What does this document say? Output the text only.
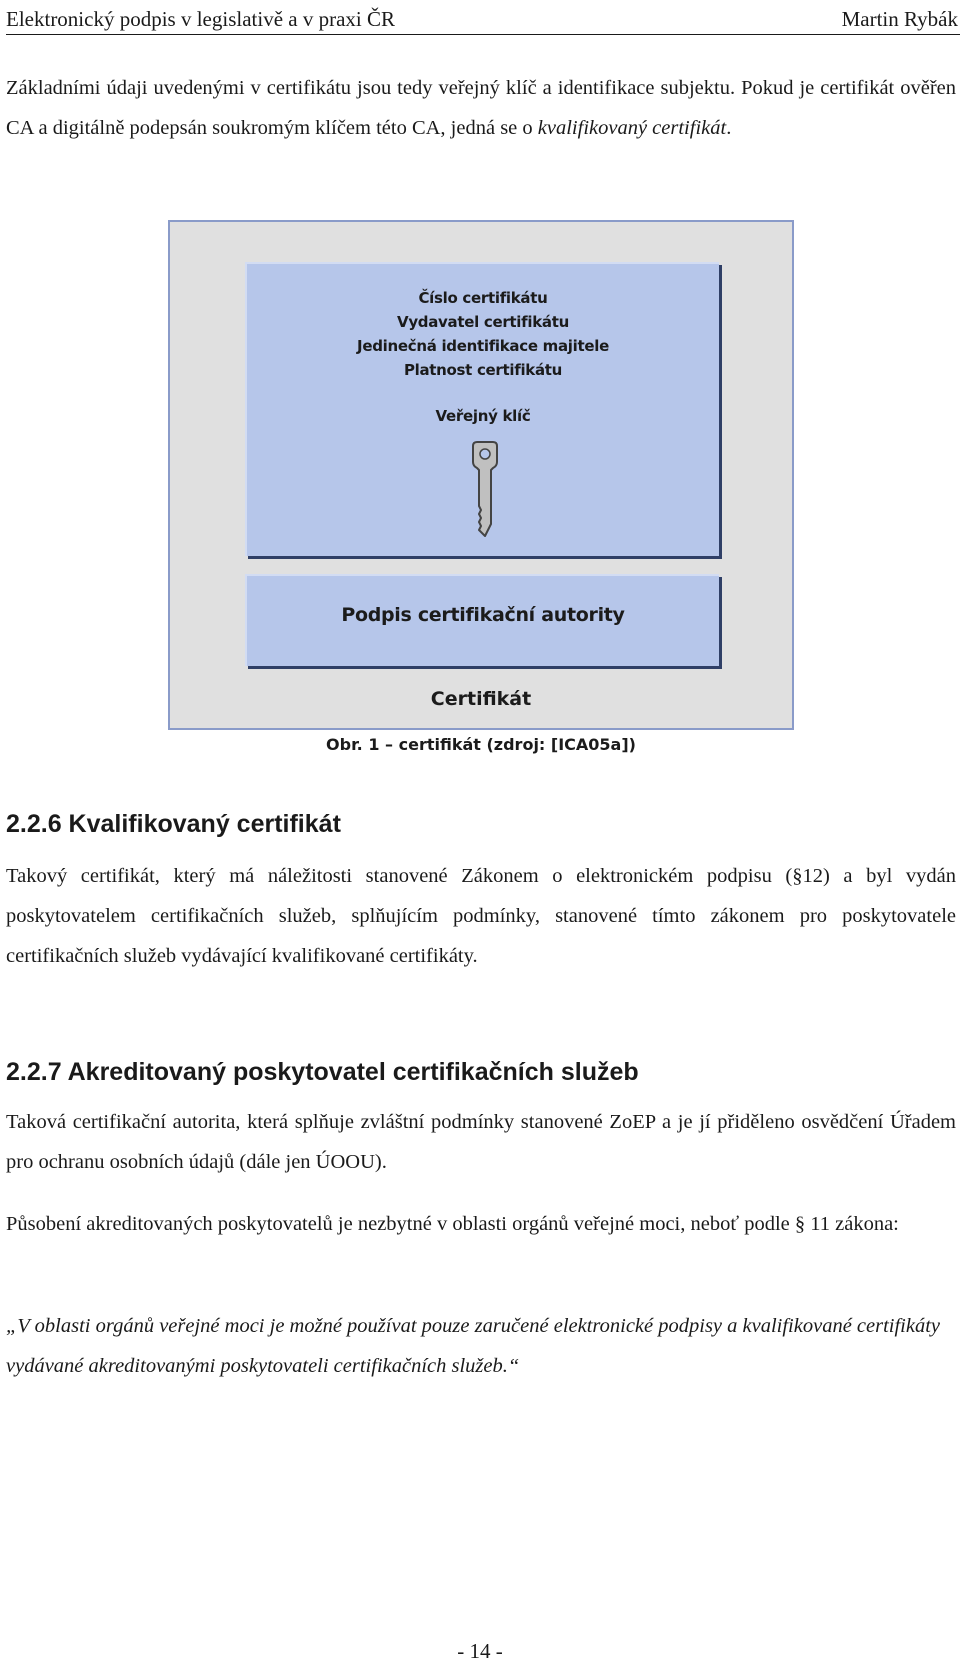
Elektronický podpis v legislativě a v praxi ČR	Martin Rybák

Základními údaji uvedenými v certifikátu jsou tedy veřejný klíč a identifikace subjektu. Pokud je certifikát ověřen CA a digitálně podepsán soukromým klíčem této CA, jedná se o kvalifikovaný certifikát.

Číslo certifikátu
Vydavatel certifikátu
Jedinečná identifikace majitele
Platnost certifikátu
Veřejný klíč
Podpis certifikační autority
Certifikát
Obr. 1 – certifikát (zdroj: [ICA05a])
2.2.6 Kvalifikovaný certifikát

Takový certifikát, který má náležitosti stanovené Zákonem o elektronickém podpisu (§12) a byl vydán poskytovatelem certifikačních služeb, splňujícím podmínky, stanovené tímto zákonem pro poskytovatele certifikačních služeb vydávající kvalifikované certifikáty.

2.2.7 Akreditovaný poskytovatel certifikačních služeb

Taková certifikační autorita, která splňuje zvláštní podmínky stanovené ZoEP a je jí přiděleno osvědčení Úřadem pro ochranu osobních údajů (dále jen ÚOOU).

Působení akreditovaných poskytovatelů je nezbytné v oblasti orgánů veřejné moci, neboť podle § 11 zákona:

„V oblasti orgánů veřejné moci je možné používat pouze zaručené elektronické podpisy a kvalifikované certifikáty vydávané akreditovanými poskytovateli certifikačních služeb.“

- 14 -
